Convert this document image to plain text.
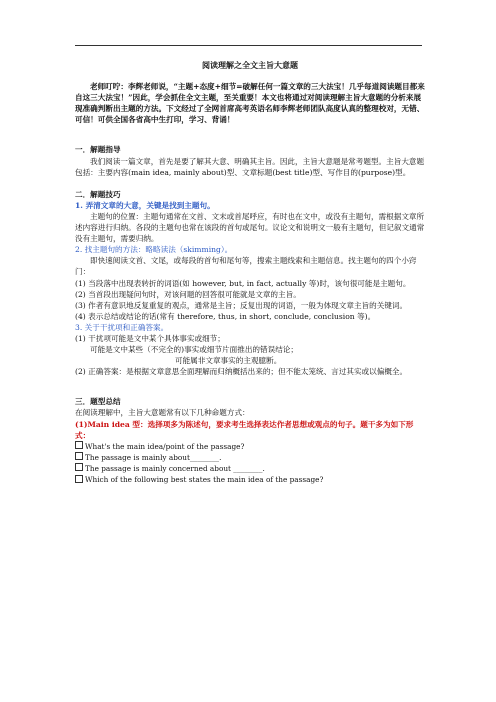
阅读理解之全文主旨大意题

老师叮咛：李辉老师说，“主题+态度+细节=破解任何一篇文章的三大法宝！几乎每道阅读题目都来自这三大法宝！”因此，学会抓住全文主题，至关重要！本文也将通过对阅读理解主旨大意题的分析来展现准确判断出主题的方法。下文经过了全网首席高考英语名师李辉老师团队高度认真的整理校对，无错、可信！可供全国各省高中生打印，学习、背诵！

一．解题指导

我们阅读一篇文章，首先是要了解其大意、明确其主旨。因此，主旨大意题是常考题型。主旨大意题包括：主要内容(main idea, mainly about)型、文章标题(best title)型、写作目的(purpose)型。

二．解题技巧

1. 弄清文章的大意，关键是找到主题句。

主题句的位置：主题句通常在文首、文末或首尾呼应，有时也在文中，或没有主题句，需根据文章所述内容进行归纳。各段的主题句也常在该段的首句或尾句。议论文和说明文一般有主题句，但记叙文通常没有主题句，需要归纳。

2. 找主题句的方法：略略读法（skimming）。

即快速阅读文首、文尾，或每段的首句和尾句等，搜索主题线索和主题信息。找主题句的四个小窍门：

(1) 当段落中出现表转折的词语(如 however, but, in fact, actually 等)时，该句很可能是主题句。

(2) 当首段出现疑问句时，对该问题的回答很可能就是文章的主旨。

(3) 作者有意识地反复重复的观点，通常是主旨；反复出现的词语，一般为体现文章主旨的关键词。

(4) 表示总结或结论的话(常有 therefore, thus, in short, conclude, conclusion 等)。

3. 关于干扰项和正确答案。

(1) 干扰项可能是文中某个具体事实或细节；

可能是文中某些（不完全的)事实或细节片面推出的错误结论；

可能属非文章事实的主观臆断。

(2) 正确答案：是根据文章意思全面理解而归纳概括出来的；但不能太笼统、言过其实或以偏概全。

三．题型总结

在阅读理解中，主旨大意题常有以下几种命题方式：

(1)Main idea 型：选择项多为陈述句，要求考生选择表达作者思想或观点的句子。题干多为如下形式：

What's the main idea/point of the passage?

The passage is mainly about________.

The passage is mainly concerned about ________.

Which of the following best states the main idea of the passage?
